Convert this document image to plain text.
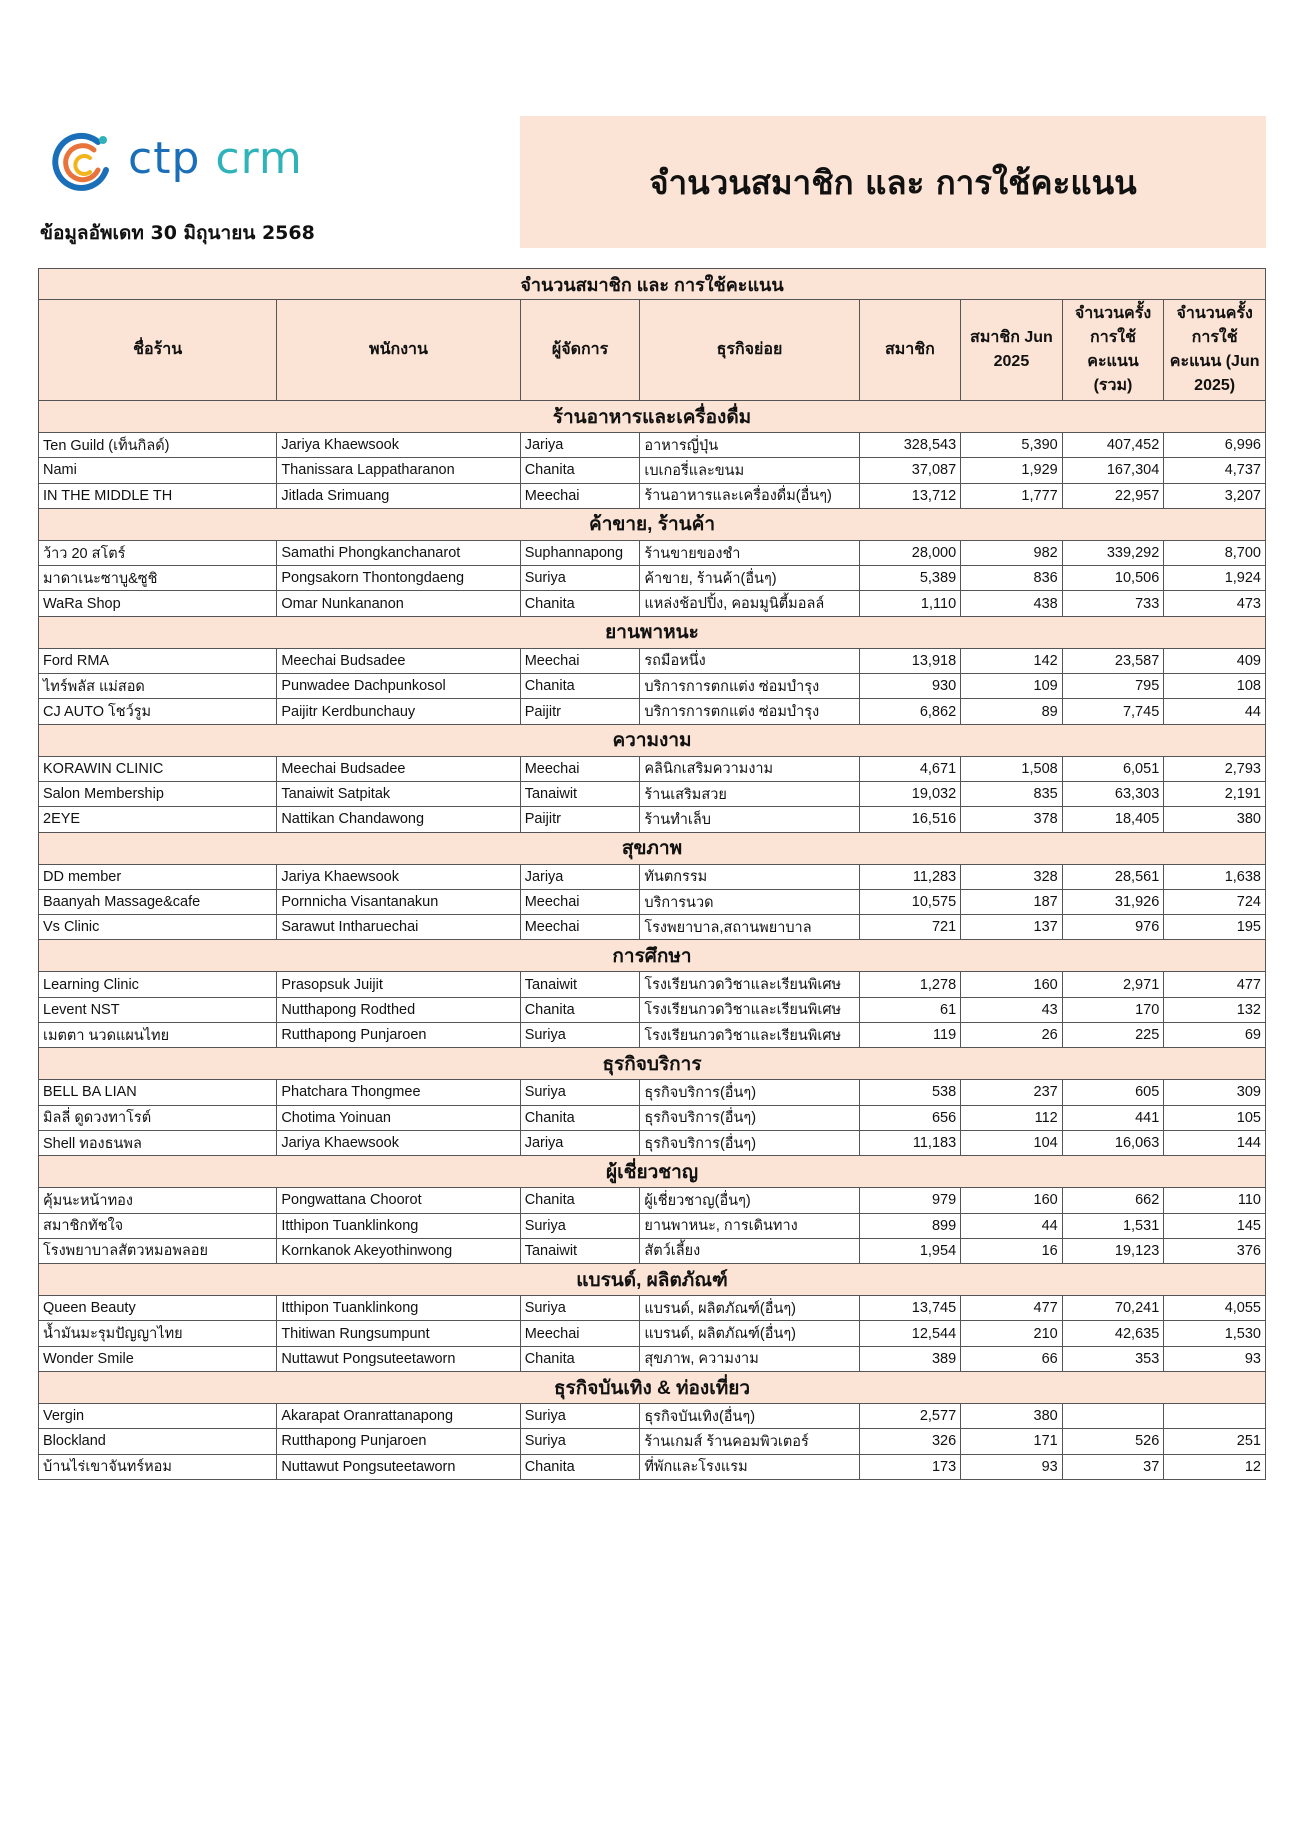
ctp crm
ข้อมูลอัพเดท 30 มิถุนายน 2568
จำนวนสมาชิก และ การใช้คะแนน
จำนวนสมาชิก และ การใช้คะแนน							
ชื่อร้าน	พนักงาน	ผู้จัดการ	ธุรกิจย่อย	สมาชิก	สมาชิก Jun 2025	จำนวนครั้งการใช้คะแนน (รวม)	จำนวนครั้งการใช้คะแนน (Jun 2025)
ร้านอาหารและเครื่องดื่ม							
Ten Guild (เท็นกิลด์)	Jariya Khaewsook	Jariya	อาหารญี่ปุ่น	328,543	5,390	407,452	6,996
Nami	Thanissara Lappatharanon	Chanita	เบเกอรี่และขนม	37,087	1,929	167,304	4,737
IN THE MIDDLE TH	Jitlada Srimuang	Meechai	ร้านอาหารและเครื่องดื่ม(อื่นๆ)	13,712	1,777	22,957	3,207
ค้าขาย, ร้านค้า							
ว้าว 20 สโตร์	Samathi Phongkanchanarot	Suphannapong	ร้านขายของชำ	28,000	982	339,292	8,700
มาดาเนะซาบู&ซูชิ	Pongsakorn Thontongdaeng	Suriya	ค้าขาย, ร้านค้า(อื่นๆ)	5,389	836	10,506	1,924
WaRa Shop	Omar Nunkananon	Chanita	แหล่งช้อปปิ้ง, คอมมูนิตี้มอลล์	1,110	438	733	473
ยานพาหนะ							
Ford RMA	Meechai Budsadee	Meechai	รถมือหนึ่ง	13,918	142	23,587	409
ไทร์พลัส แม่สอด	Punwadee Dachpunkosol	Chanita	บริการการตกแต่ง ซ่อมบำรุง	930	109	795	108
CJ AUTO โชว์รูม	Paijitr Kerdbunchauy	Paijitr	บริการการตกแต่ง ซ่อมบำรุง	6,862	89	7,745	44
ความงาม							
KORAWIN CLINIC	Meechai Budsadee	Meechai	คลินิกเสริมความงาม	4,671	1,508	6,051	2,793
Salon Membership	Tanaiwit Satpitak	Tanaiwit	ร้านเสริมสวย	19,032	835	63,303	2,191
2EYE	Nattikan Chandawong	Paijitr	ร้านทำเล็บ	16,516	378	18,405	380
สุขภาพ							
DD member	Jariya Khaewsook	Jariya	ทันตกรรม	11,283	328	28,561	1,638
Baanyah Massage&cafe	Pornnicha Visantanakun	Meechai	บริการนวด	10,575	187	31,926	724
Vs Clinic	Sarawut Intharuechai	Meechai	โรงพยาบาล,สถานพยาบาล	721	137	976	195
การศึกษา							
Learning Clinic	Prasopsuk Juijit	Tanaiwit	โรงเรียนกวดวิชาและเรียนพิเศษ	1,278	160	2,971	477
Levent NST	Nutthapong Rodthed	Chanita	โรงเรียนกวดวิชาและเรียนพิเศษ	61	43	170	132
เมตตา นวดแผนไทย	Rutthapong Punjaroen	Suriya	โรงเรียนกวดวิชาและเรียนพิเศษ	119	26	225	69
ธุรกิจบริการ							
BELL BA LIAN	Phatchara Thongmee	Suriya	ธุรกิจบริการ(อื่นๆ)	538	237	605	309
มิลลี่ ดูดวงทาโรต์	Chotima Yoinuan	Chanita	ธุรกิจบริการ(อื่นๆ)	656	112	441	105
Shell ทองธนพล	Jariya Khaewsook	Jariya	ธุรกิจบริการ(อื่นๆ)	11,183	104	16,063	144
ผู้เชี่ยวชาญ							
คุ้มนะหน้าทอง	Pongwattana Choorot	Chanita	ผู้เชี่ยวชาญ(อื่นๆ)	979	160	662	110
สมาชิกทัชใจ	Itthipon Tuanklinkong	Suriya	ยานพาหนะ, การเดินทาง	899	44	1,531	145
โรงพยาบาลสัตวหมอพลอย	Kornkanok Akeyothinwong	Tanaiwit	สัตว์เลี้ยง	1,954	16	19,123	376
แบรนด์, ผลิตภัณฑ์							
Queen Beauty	Itthipon Tuanklinkong	Suriya	แบรนด์, ผลิตภัณฑ์(อื่นๆ)	13,745	477	70,241	4,055
น้ำมันมะรุมปัญญาไทย	Thitiwan Rungsumpunt	Meechai	แบรนด์, ผลิตภัณฑ์(อื่นๆ)	12,544	210	42,635	1,530
Wonder Smile	Nuttawut Pongsuteetaworn	Chanita	สุขภาพ, ความงาม	389	66	353	93
ธุรกิจบันเทิง & ท่องเที่ยว							
Vergin	Akarapat Oranrattanapong	Suriya	ธุรกิจบันเทิง(อื่นๆ)	2,577	380		
Blockland	Rutthapong Punjaroen	Suriya	ร้านเกมส์ ร้านคอมพิวเตอร์	326	171	526	251
บ้านไร่เขาจันทร์หอม	Nuttawut Pongsuteetaworn	Chanita	ที่พักและโรงแรม	173	93	37	12
